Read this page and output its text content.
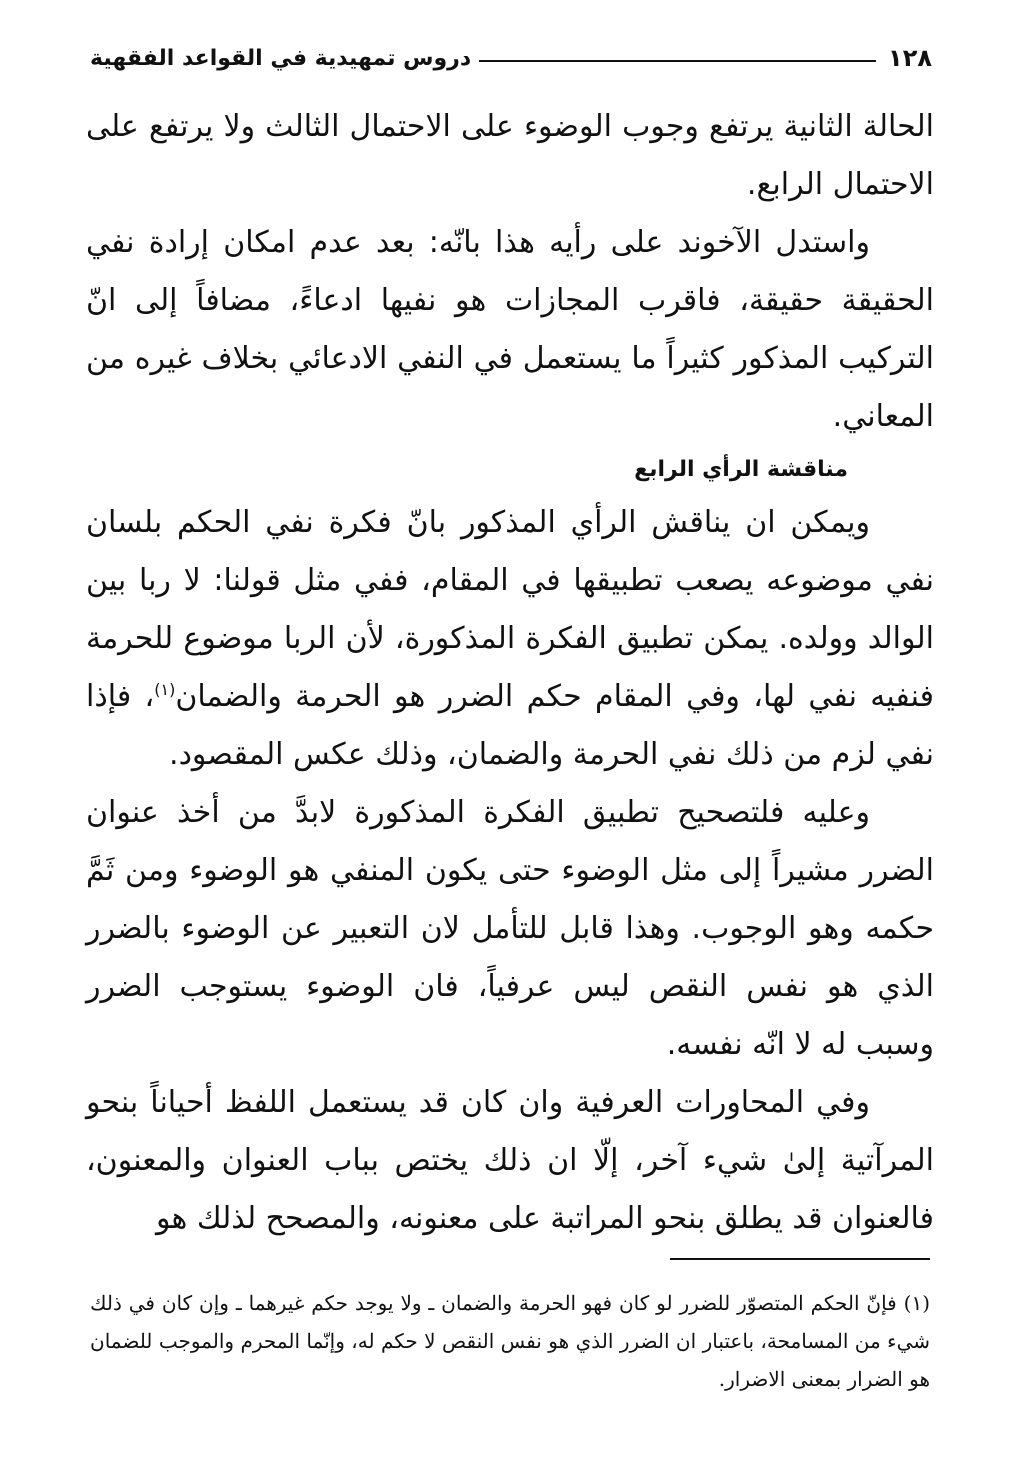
١٢٨
دروس تمهيدية في القواعد الفقهية

الحالة الثانية يرتفع وجوب الوضوء على الاحتمال الثالث ولا يرتفع على الاحتمال الرابع.

واستدل الآخوند على رأيه هذا بانّه: بعد عدم امكان إرادة نفي الحقيقة حقيقة، فاقرب المجازات هو نفيها ادعاءً، مضافاً إلى انّ التركيب المذكور كثيراً ما يستعمل في النفي الادعائي بخلاف غيره من المعاني.

مناقشة الرأي الرابع

ويمكن ان يناقش الرأي المذكور بانّ فكرة نفي الحكم بلسان نفي موضوعه يصعب تطبيقها في المقام، ففي مثل قولنا: لا ربا بين الوالد وولده. يمكن تطبيق الفكرة المذكورة، لأن الربا موضوع للحرمة فنفيه نفي لها، وفي المقام حكم الضرر هو الحرمة والضمان$^{(١)}$، فإذا نفي لزم من ذلك نفي الحرمة والضمان، وذلك عكس المقصود.

وعليه فلتصحيح تطبيق الفكرة المذكورة لابدَّ من أخذ عنوان الضرر مشيراً إلى مثل الوضوء حتى يكون المنفي هو الوضوء ومن ثَمَّ حكمه وهو الوجوب. وهذا قابل للتأمل لان التعبير عن الوضوء بالضرر الذي هو نفس النقص ليس عرفياً، فان الوضوء يستوجب الضرر وسبب له لا انّه نفسه.

وفي المحاورات العرفية وان كان قد يستعمل اللفظ أحياناً بنحو المرآتية إلىٰ شيء آخر، إلّا ان ذلك يختص بباب العنوان والمعنون، فالعنوان قد يطلق بنحو المراتبة على معنونه، والمصحح لذلك هو

(١) فإنّ الحكم المتصوّر للضرر لو كان فهو الحرمة والضمان ـ ولا يوجد حكم غيرهما ـ وإن كان في ذلك شيء من المسامحة، باعتبار ان الضرر الذي هو نفس النقص لا حكم له، وإنّما المحرم والموجب للضمان هو الضرار بمعنى الاضرار.
